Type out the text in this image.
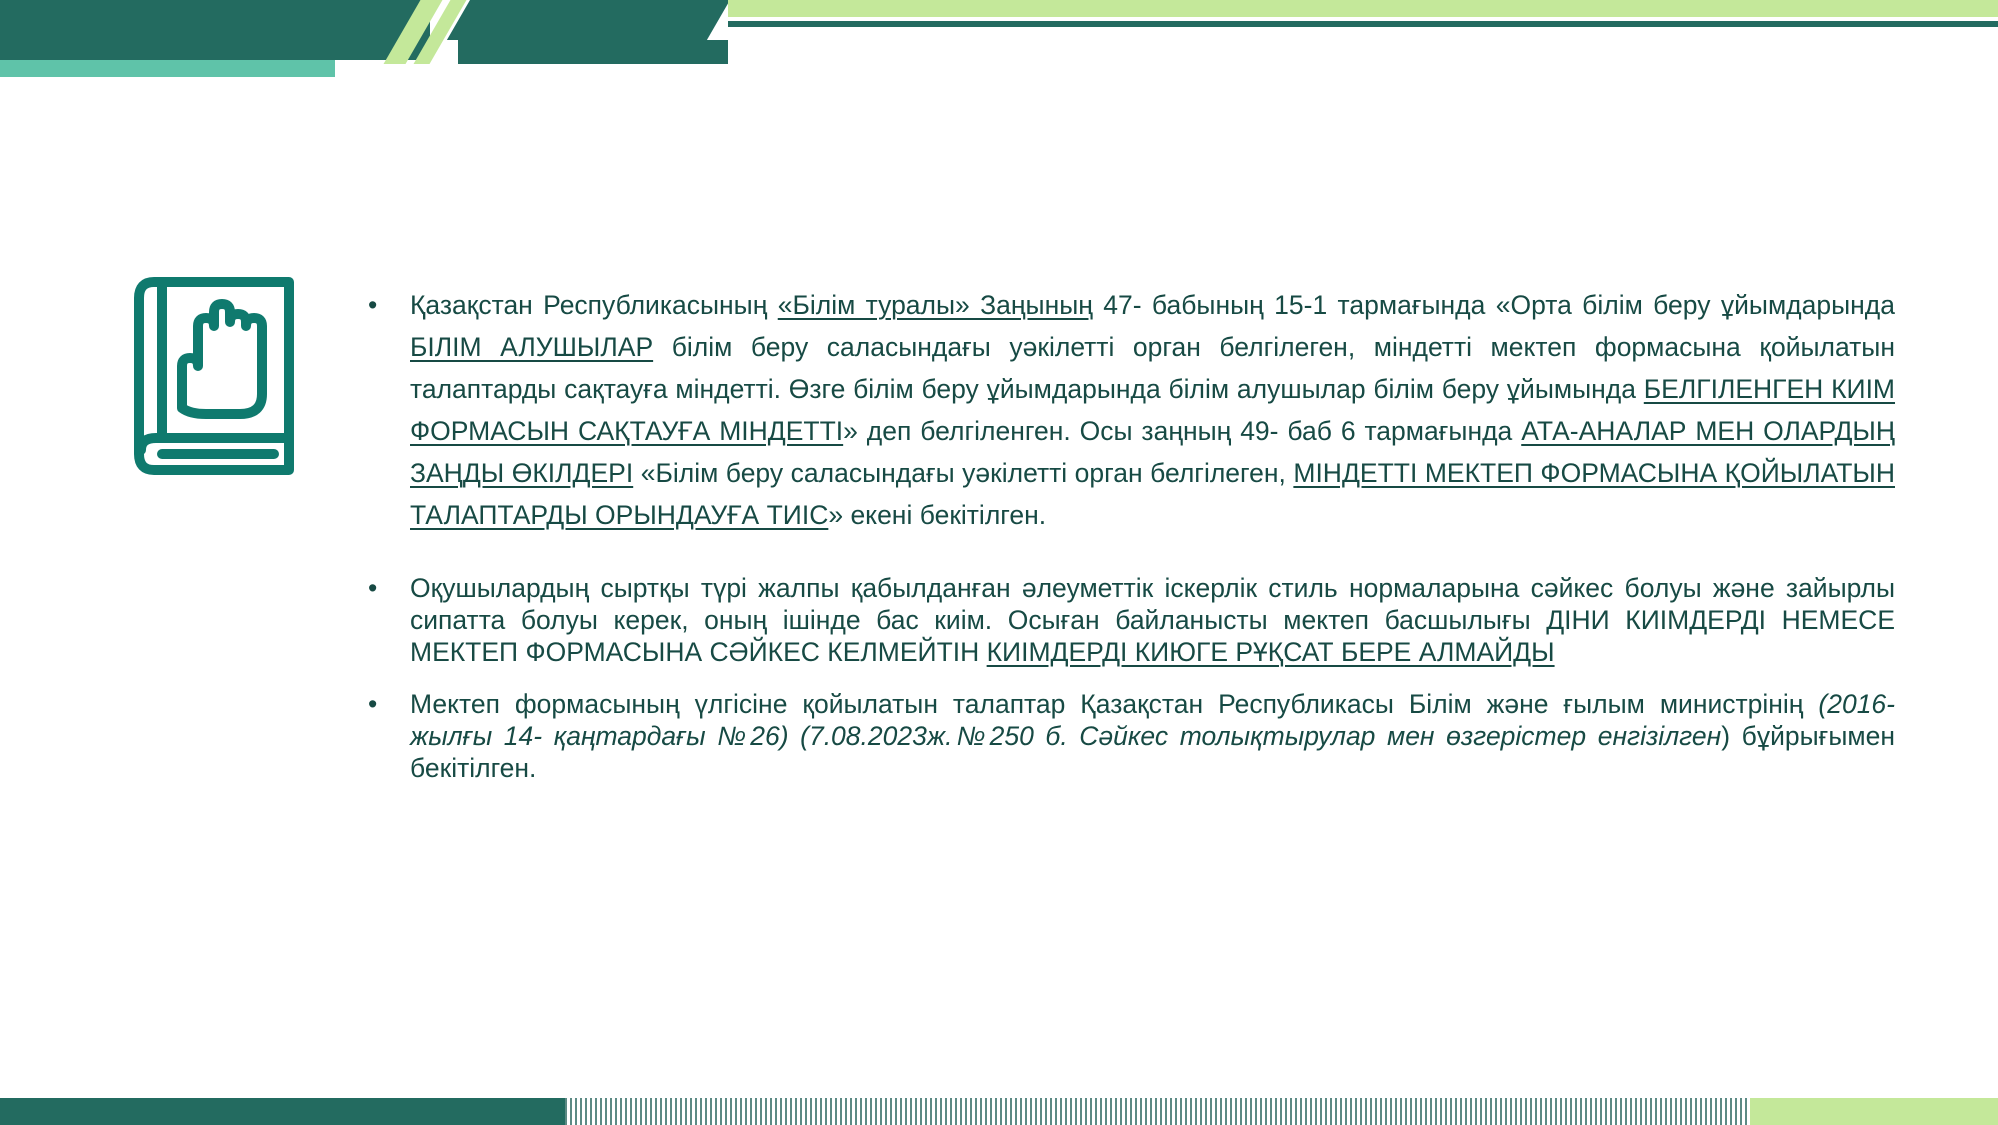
• Қазақстан Республикасының «Білім туралы» Заңының 47- бабының 15-1 тармағында «Орта білім беру ұйымдарында БІЛІМ АЛУШЫЛАР білім беру саласындағы уәкілетті орган белгілеген, міндетті мектеп формасына қойылатын талаптарды сақтауға міндетті. Өзге білім беру ұйымдарында білім алушылар білім беру ұйымында БЕЛГІЛЕНГЕН КИІМ ФОРМАСЫН САҚТАУҒА МІНДЕТТІ» деп белгіленген. Осы заңның 49- баб 6 тармағында АТА-АНАЛАР МЕН ОЛАРДЫҢ ЗАҢДЫ ӨКІЛДЕРІ «Білім беру саласындағы уәкілетті орган белгілеген, МІНДЕТТІ МЕКТЕП ФОРМАСЫНА ҚОЙЫЛАТЫН ТАЛАПТАРДЫ ОРЫНДАУҒА ТИІС» екені бекітілген.
• Оқушылардың сыртқы түрі жалпы қабылданған әлеуметтік іскерлік стиль нормаларына сәйкес болуы және зайырлы сипатта болуы керек, оның ішінде бас киім. Осыған байланысты мектеп басшылығы ДІНИ КИІМДЕРДІ НЕМЕСЕ МЕКТЕП ФОРМАСЫНА СӘЙКЕС КЕЛМЕЙТІН КИІМДЕРДІ КИЮГЕ РҰҚСАТ БЕРЕ АЛМАЙДЫ
• Мектеп формасының үлгісіне қойылатын талаптар Қазақстан Республикасы Білім және ғылым министрінің (2016- жылғы 14- қаңтардағы №26) (7.08.2023ж.№250 б. Сәйкес толықтырулар мен өзгерістер енгізілген) бұйрығымен бекітілген.
